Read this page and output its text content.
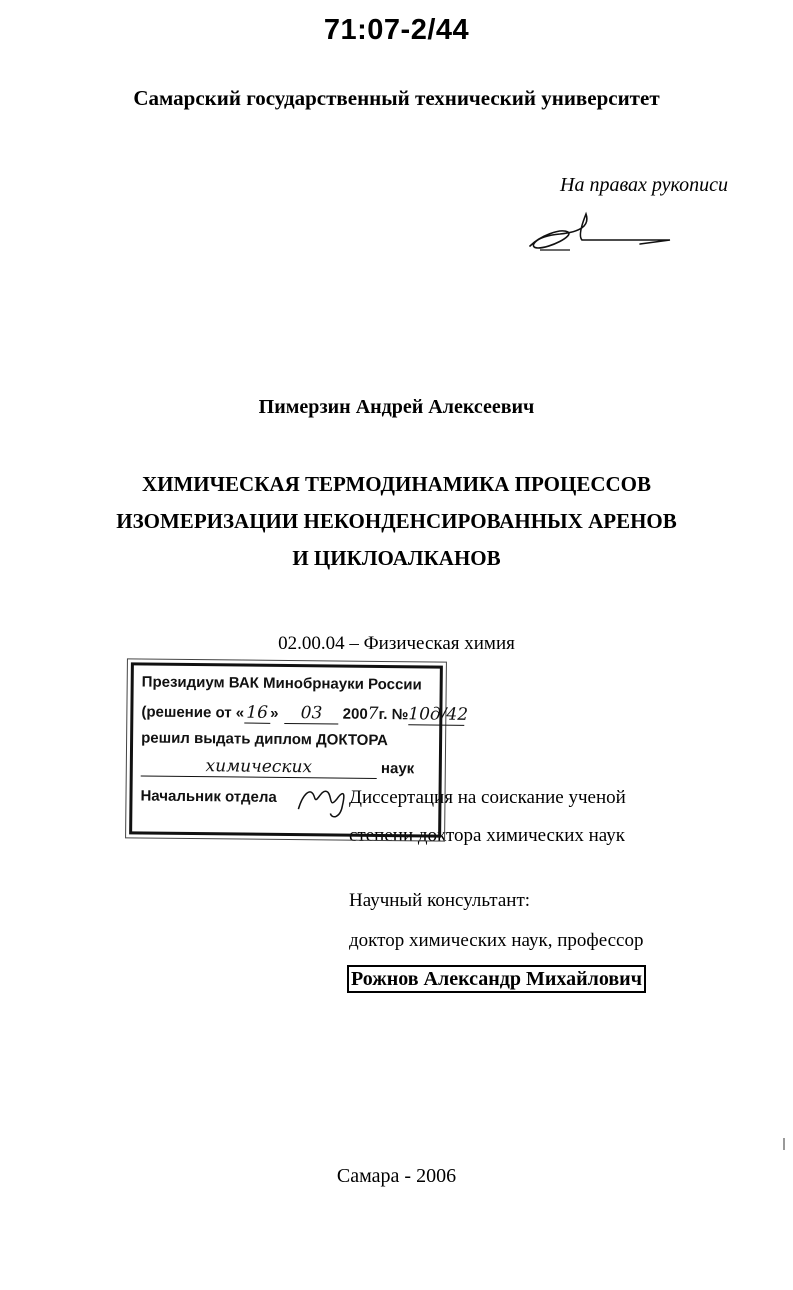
71:07-2/44
Самарский государственный технический университет
На правах рукописи
Пимерзин Андрей Алексеевич
ХИМИЧЕСКАЯ ТЕРМОДИНАМИКА ПРОЦЕССОВ
ИЗОМЕРИЗАЦИИ НЕКОНДЕНСИРОВАННЫХ АРЕНОВ
И ЦИКЛОАЛКАНОВ
02.00.04 – Физическая химия
Диссертация на соискание ученой
степени доктора химических наук
Президиум ВАК Минобрнауки России
(решение от « 16 » 03 2007г. №10д/42
решил выдать диплом ДОКТОРА
химических	наук
Начальник отдела
Научный консультант:
доктор химических наук, профессор
Рожнов Александр Михайлович
Самара - 2006
